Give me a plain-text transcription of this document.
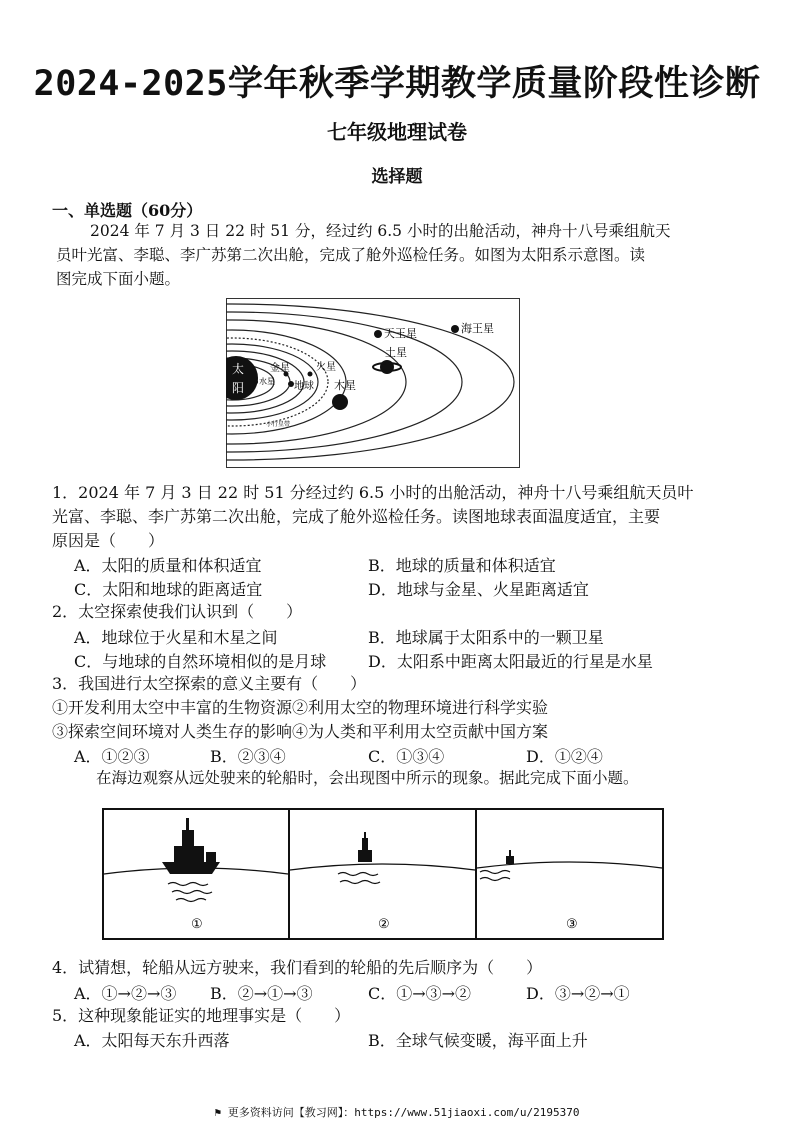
2024-2025学年秋季学期教学质量阶段性诊断
七年级地理试卷
选择题
一、单选题（60分）
2024 年 7 月 3 日 22 时 51 分，经过约 6.5 小时的出舱活动，神舟十八号乘组航天
员叶光富、李聪、李广苏第二次出舱，完成了舱外巡检任务。如图为太阳系示意图。读
图完成下面小题。
太
阳 水星
金星
地球
火星
小行星带
木星
土星
天王星	海王星
1．2024 年 7 月 3 日 22 时 51 分经过约 6.5 小时的出舱活动，神舟十八号乘组航天员叶
光富、李聪、李广苏第二次出舱，完成了舱外巡检任务。读图地球表面温度适宜，主要
原因是（　　）
A．太阳的质量和体积适宜	B．地球的质量和体积适宜
C．太阳和地球的距离适宜	D．地球与金星、火星距离适宜
2．太空探索使我们认识到（　　）
A．地球位于火星和木星之间	B．地球属于太阳系中的一颗卫星
C．与地球的自然环境相似的是月球	D．太阳系中距离太阳最近的行星是水星
3．我国进行太空探索的意义主要有（　　）
①开发利用太空中丰富的生物资源②利用太空的物理环境进行科学实验
③探索空间环境对人类生存的影响④为人类和平利用太空贡献中国方案
A．①②③	B．②③④	C．①③④	D．①②④
在海边观察从远处驶来的轮船时，会出现图中所示的现象。据此完成下面小题。
①	②	③
4．试猜想，轮船从远方驶来，我们看到的轮船的先后顺序为（　　）
A．①→②→③ B．②→①→③	C．①→③→②	D．③→②→①
5．这种现象能证实的地理事实是（　　）
A．太阳每天东升西落	B．全球气候变暖，海平面上升
⚑ 更多资料访问【教习网】：https://www.51jiaoxi.com/u/2195370
